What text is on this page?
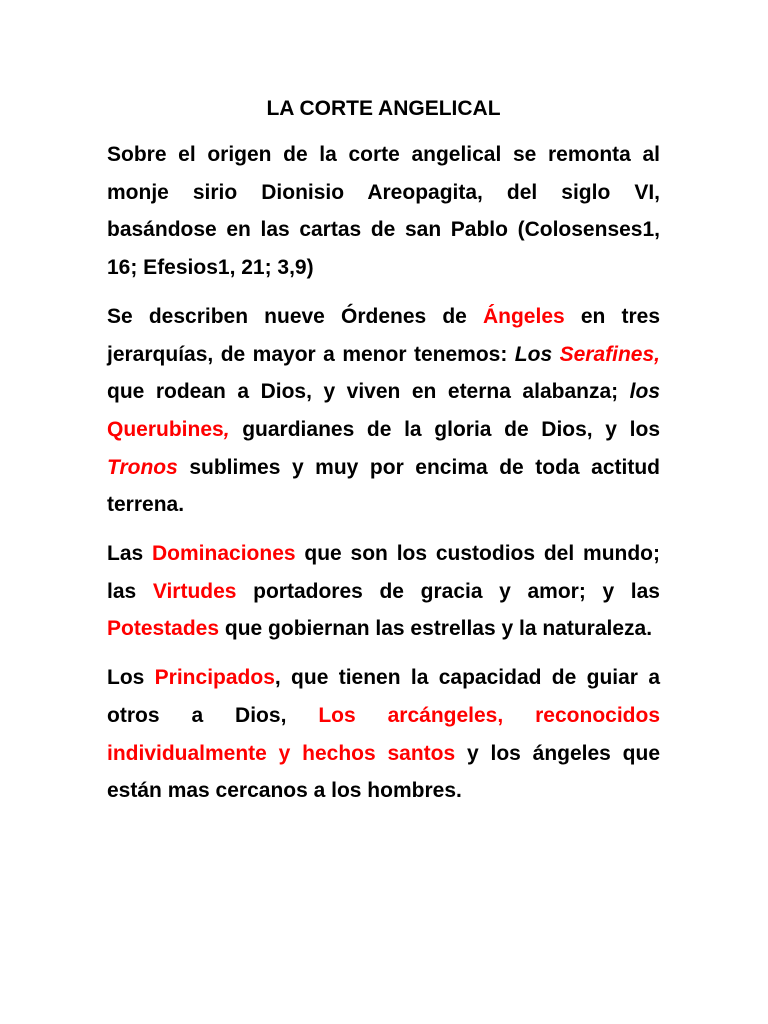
LA CORTE ANGELICAL

Sobre el origen de la corte angelical se remonta al monje sirio Dionisio Areopagita, del siglo VI, basándose en las cartas de san Pablo (Colosenses1, 16; Efesios1, 21; 3,9)

Se describen nueve Órdenes de Ángeles en tres jerarquías, de mayor a menor tenemos: Los Serafines, que rodean a Dios, y viven en eterna alabanza; los Querubines, guardianes de la gloria de Dios, y los Tronos sublimes y muy por encima de toda actitud terrena.

Las Dominaciones que son los custodios del mundo; las Virtudes portadores de gracia y amor; y las Potestades que gobiernan las estrellas y la naturaleza.

Los Principados, que tienen la capacidad de guiar a otros a Dios, Los arcángeles, reconocidos individualmente y hechos santos y los ángeles que están mas cercanos a los hombres.
